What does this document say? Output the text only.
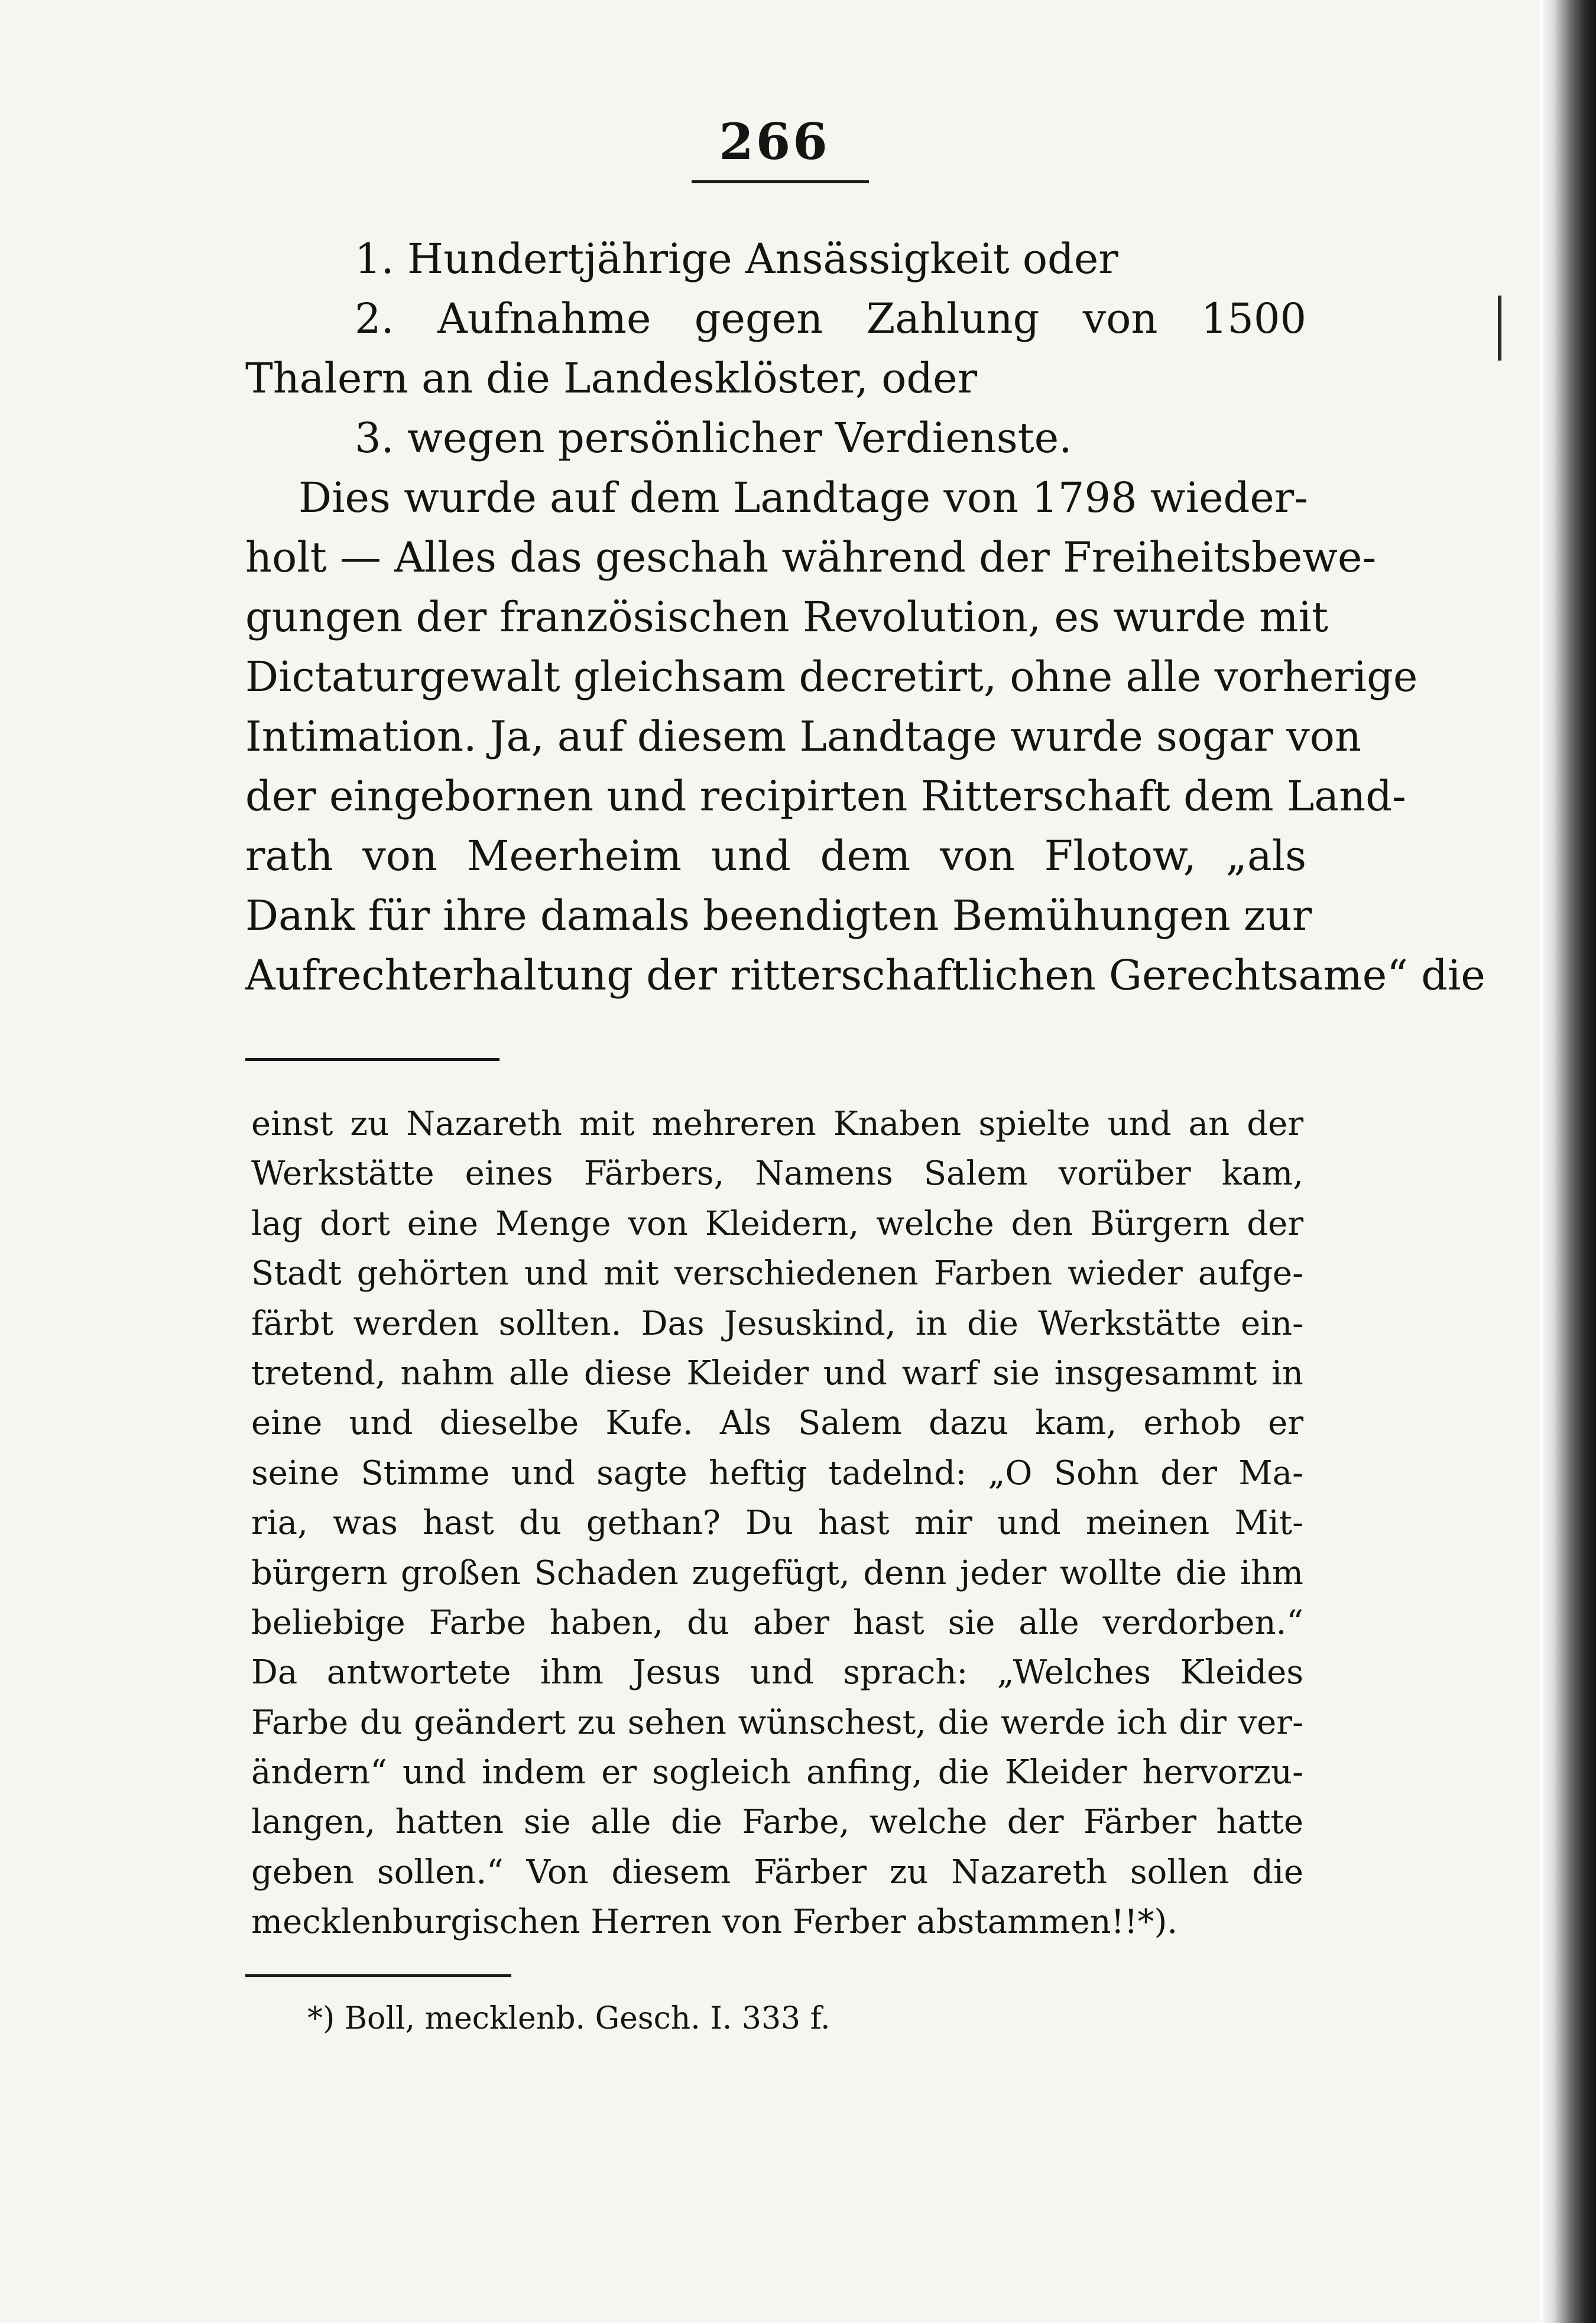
266
1. Hundertjährige Ansässigkeit oder
2. Aufnahme gegen Zahlung von 1500
Thalern an die Landesklöster, oder
3. wegen persönlicher Verdienste.
Dies wurde auf dem Landtage von 1798 wieder-
holt — Alles das geschah während der Freiheitsbewe-
gungen der französischen Revolution, es wurde mit
Dictaturgewalt gleichsam decretirt, ohne alle vorherige
Intimation. Ja, auf diesem Landtage wurde sogar von
der eingebornen und recipirten Ritterschaft dem Land-
rath von Meerheim und dem von Flotow, „als
Dank für ihre damals beendigten Bemühungen zur
Aufrechterhaltung der ritterschaftlichen Gerechtsame“ die
einst zu Nazareth mit mehreren Knaben spielte und an der
Werkstätte eines Färbers, Namens Salem vorüber kam,
lag dort eine Menge von Kleidern, welche den Bürgern der
Stadt gehörten und mit verschiedenen Farben wieder aufge-
färbt werden sollten. Das Jesuskind, in die Werkstätte ein-
tretend, nahm alle diese Kleider und warf sie insgesammt in
eine und dieselbe Kufe. Als Salem dazu kam, erhob er
seine Stimme und sagte heftig tadelnd: „O Sohn der Ma-
ria, was hast du gethan? Du hast mir und meinen Mit-
bürgern großen Schaden zugefügt, denn jeder wollte die ihm
beliebige Farbe haben, du aber hast sie alle verdorben.“
Da antwortete ihm Jesus und sprach: „Welches Kleides
Farbe du geändert zu sehen wünschest, die werde ich dir ver-
ändern“ und indem er sogleich anfing, die Kleider hervorzu-
langen, hatten sie alle die Farbe, welche der Färber hatte
geben sollen.“ Von diesem Färber zu Nazareth sollen die
mecklenburgischen Herren von Ferber abstammen!!*).
*) Boll, mecklenb. Gesch. I. 333 f.
